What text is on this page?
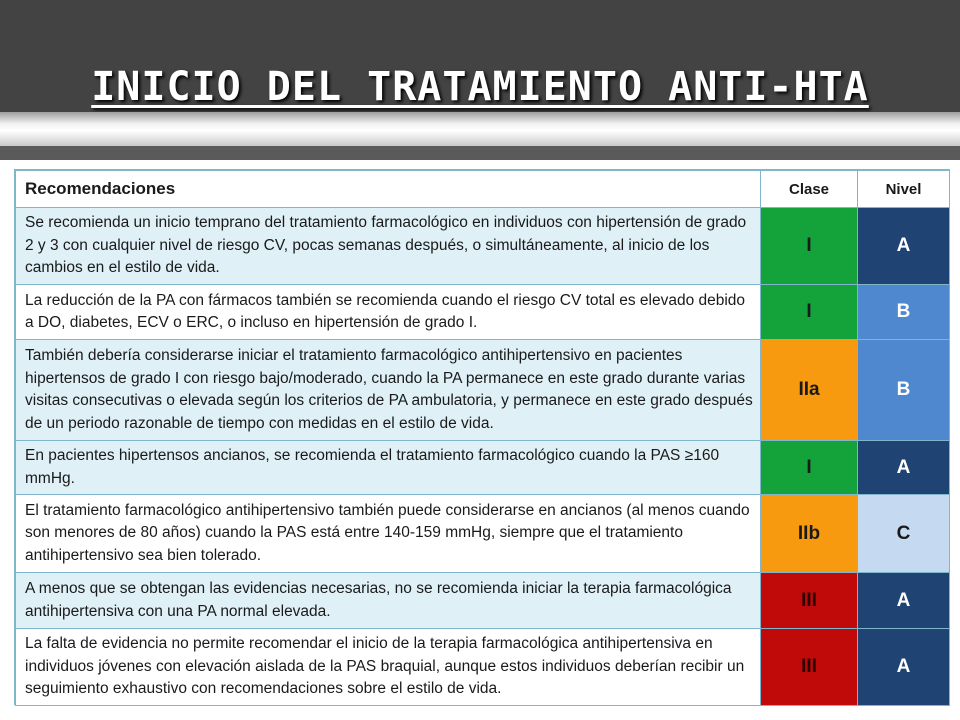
INICIO DEL TRATAMIENTO ANTI-HTA
Recomendaciones	Clase	Nivel
Se recomienda un inicio temprano del tratamiento farmacológico en individuos con hipertensión de grado 2 y 3 con cualquier nivel de riesgo CV, pocas semanas después, o simultáneamente, al inicio de los cambios en el estilo de vida.	I	A
La reducción de la PA con fármacos también se recomienda cuando el riesgo CV total es elevado debido a DO, diabetes, ECV o ERC, o incluso en hipertensión de grado I.	I	B
También debería considerarse iniciar el tratamiento farmacológico antihipertensivo en pacientes hipertensos de grado I con riesgo bajo/moderado, cuando la PA permanece en este grado durante varias visitas consecutivas o elevada según los criterios de PA ambulatoria, y permanece en este grado después de un periodo razonable de tiempo con medidas en el estilo de vida.	IIa	B
En pacientes hipertensos ancianos, se recomienda el tratamiento farmacológico cuando la PAS ≥160 mmHg.	I	A
El tratamiento farmacológico antihipertensivo también puede considerarse en ancianos (al menos cuando son menores de 80 años) cuando la PAS está entre 140-159 mmHg, siempre que el tratamiento antihipertensivo sea bien tolerado.	IIb	C
A menos que se obtengan las evidencias necesarias, no se recomienda iniciar la terapia farmacológica antihipertensiva con una PA normal elevada.	III	A
La falta de evidencia no permite recomendar el inicio de la terapia farmacológica antihipertensiva en individuos jóvenes con elevación aislada de la PAS braquial, aunque estos individuos deberían recibir un seguimiento exhaustivo con recomendaciones sobre el estilo de vida.	III	A
